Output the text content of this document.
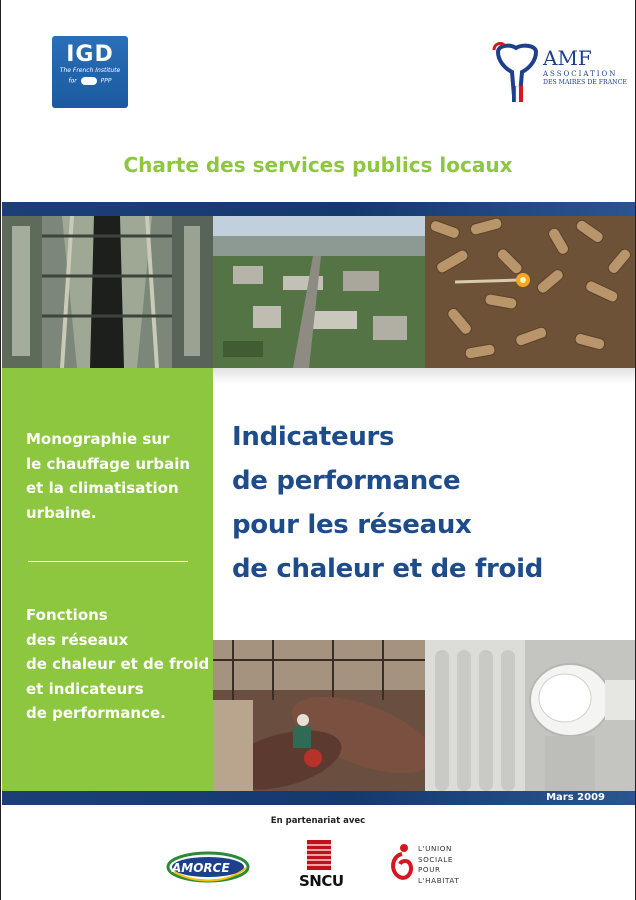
IGD
The French Institute
for	PPP
AMF
ASSOCIATION
DES MAIRES DE FRANCE
Charte des services publics locaux
Monographie sur
le chauffage urbain
et la climatisation
urbaine.
Fonctions
des réseaux
de chaleur et de froid
et indicateurs
de performance.
Indicateurs
de performance
pour les réseaux
de chaleur et de froid
Mars 2009
En partenariat avec
AMORCE
SNCU
L'UNION
SOCIALE
POUR
L'HABITAT
